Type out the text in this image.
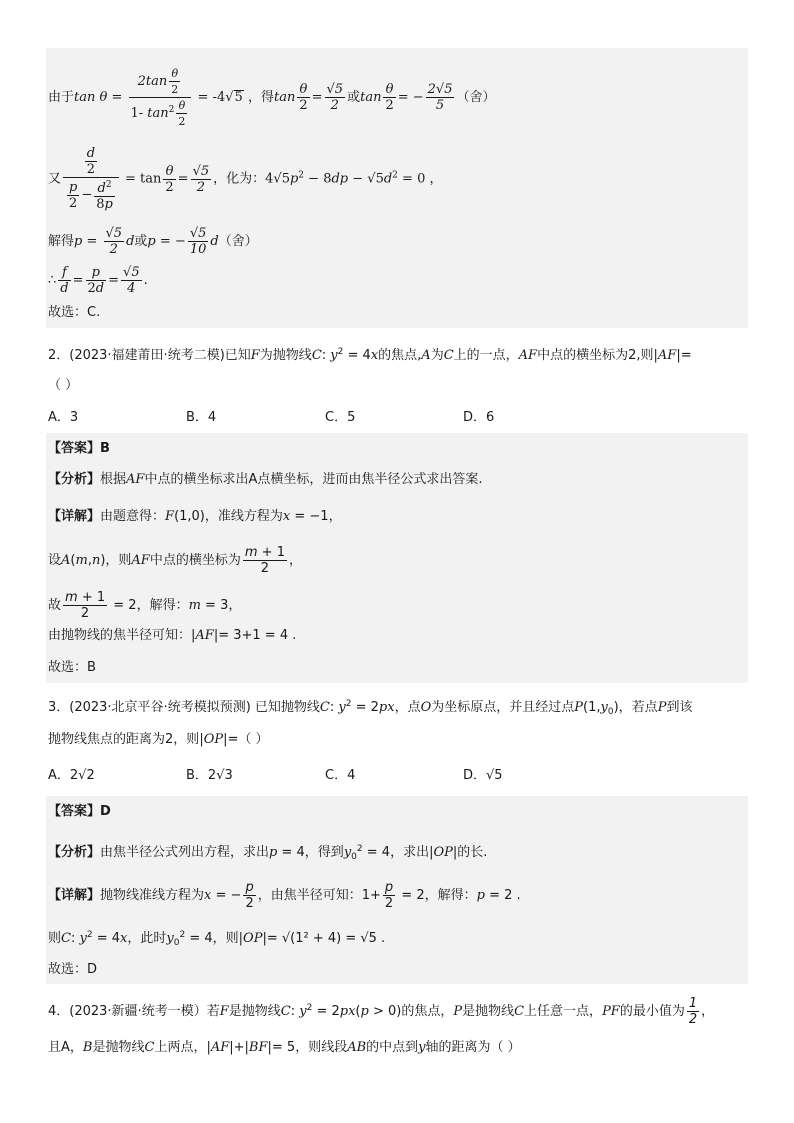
由于$\tan \theta = \frac{2\tan \frac{\theta}{2}}{1- \tan^2 \frac{\theta}{2}} = -4√5$ ，得$\tan \frac{\theta}{2} = \frac{√5}{2}$ 或$\tan \frac{\theta}{2}$ = − $\frac{2√5}{5}$ （舍）
又 $\frac{\frac{d}{2}}{\frac{p}{2} - \frac{d^2}{8p}} = \tan \frac{\theta}{2} = \frac{√5}{2}$ ，化为：$4√5p^2 - 8dp - √5d^2 = 0$ ，
解得$p = \frac{√5}{2}$ d或p = − $\frac{√5}{10} d$（舍）
∴ $\frac{f}{d} = \frac{p}{2d} = \frac{√5}{4}$ .
故选：C.
2．(2023·福建莆田·统考二模)已知F为抛物线C: $y^2 = 4x$的焦点,A为C上的一点，AF中点的横坐标为2,则|AF|=
（ ）
A．3	B．4	C．5	D．6
【答案】B
【分析】根据AF中点的横坐标求出A点横坐标，进而由焦半径公式求出答案.
【详解】由题意得：F(1,0)，准线方程为x = −1，
设A(m,n)，则AF中点的横坐标为 $\frac{m + 1}{2}$ ，
故 $\frac{m + 1}{2} = 2$，解得：m = 3，
由抛物线的焦半径可知：|AF|= 3+1 = 4 .
故选：B
3．(2023·北京平谷·统考模拟预测) 已知抛物线C: $y^2 = 2px$，点O为坐标原点，并且经过点$P(1,y_0)$，若点P到该
抛物线焦点的距离为2，则|OP|=（ ）
A．2√2	B．2√3	C．4	D．√5
【答案】D
【分析】由焦半径公式列出方程，求出p = 4，得到$y_0^2 = 4$，求出|OP|的长.
【详解】抛物线准线方程为x = − $\frac{p}{2}$ ，由焦半径可知：$1+ \frac{p}{2} = 2$，解得：p = 2 .
则C: $y^2 = 4x$，此时$y_0^2 = 4$，则|OP|= √(1² + 4) = √5 .
故选：D
4．(2023·新疆·统考一模）若F是抛物线C: $y^2 = 2px(p > 0)$的焦点，P是抛物线C上任意一点，PF的最小值为 $\frac{1}{2}$ ，
且A，B是抛物线C上两点，|AF|+|BF|= 5，则线段AB的中点到y轴的距离为（ ）
